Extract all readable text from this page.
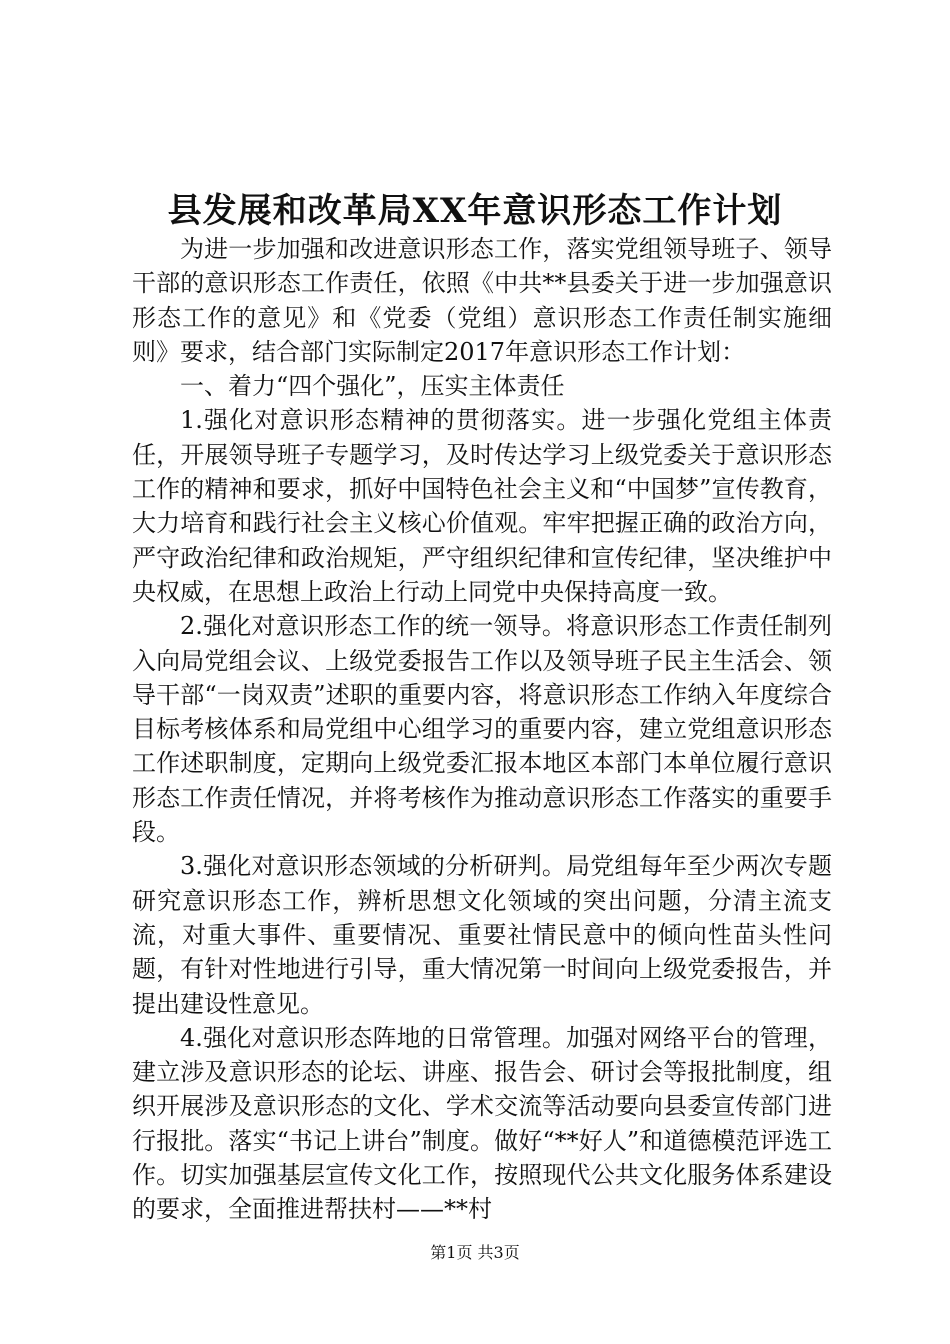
县发展和改革局XX年意识形态工作计划

为进一步加强和改进意识形态工作，落实党组领导班子、领导干部的意识形态工作责任，依照《中共**县委关于进一步加强意识形态工作的意见》和《党委（党组）意识形态工作责任制实施细则》要求，结合部门实际制定2017年意识形态工作计划：

一、着力“四个强化”，压实主体责任

1.强化对意识形态精神的贯彻落实。进一步强化党组主体责任，开展领导班子专题学习，及时传达学习上级党委关于意识形态工作的精神和要求，抓好中国特色社会主义和“中国梦”宣传教育，大力培育和践行社会主义核心价值观。牢牢把握正确的政治方向，严守政治纪律和政治规矩，严守组织纪律和宣传纪律，坚决维护中央权威，在思想上政治上行动上同党中央保持高度一致。

2.强化对意识形态工作的统一领导。将意识形态工作责任制列入向局党组会议、上级党委报告工作以及领导班子民主生活会、领导干部“一岗双责”述职的重要内容，将意识形态工作纳入年度综合目标考核体系和局党组中心组学习的重要内容，建立党组意识形态工作述职制度，定期向上级党委汇报本地区本部门本单位履行意识形态工作责任情况，并将考核作为推动意识形态工作落实的重要手段。

3.强化对意识形态领域的分析研判。局党组每年至少两次专题研究意识形态工作，辨析思想文化领域的突出问题，分清主流支流，对重大事件、重要情况、重要社情民意中的倾向性苗头性问题，有针对性地进行引导，重大情况第一时间向上级党委报告，并提出建设性意见。

4.强化对意识形态阵地的日常管理。加强对网络平台的管理，建立涉及意识形态的论坛、讲座、报告会、研讨会等报批制度，组织开展涉及意识形态的文化、学术交流等活动要向县委宣传部门进行报批。落实“书记上讲台”制度。做好“**好人”和道德模范评选工作。切实加强基层宣传文化工作，按照现代公共文化服务体系建设的要求，全面推进帮扶村——**村

第1页 共3页
